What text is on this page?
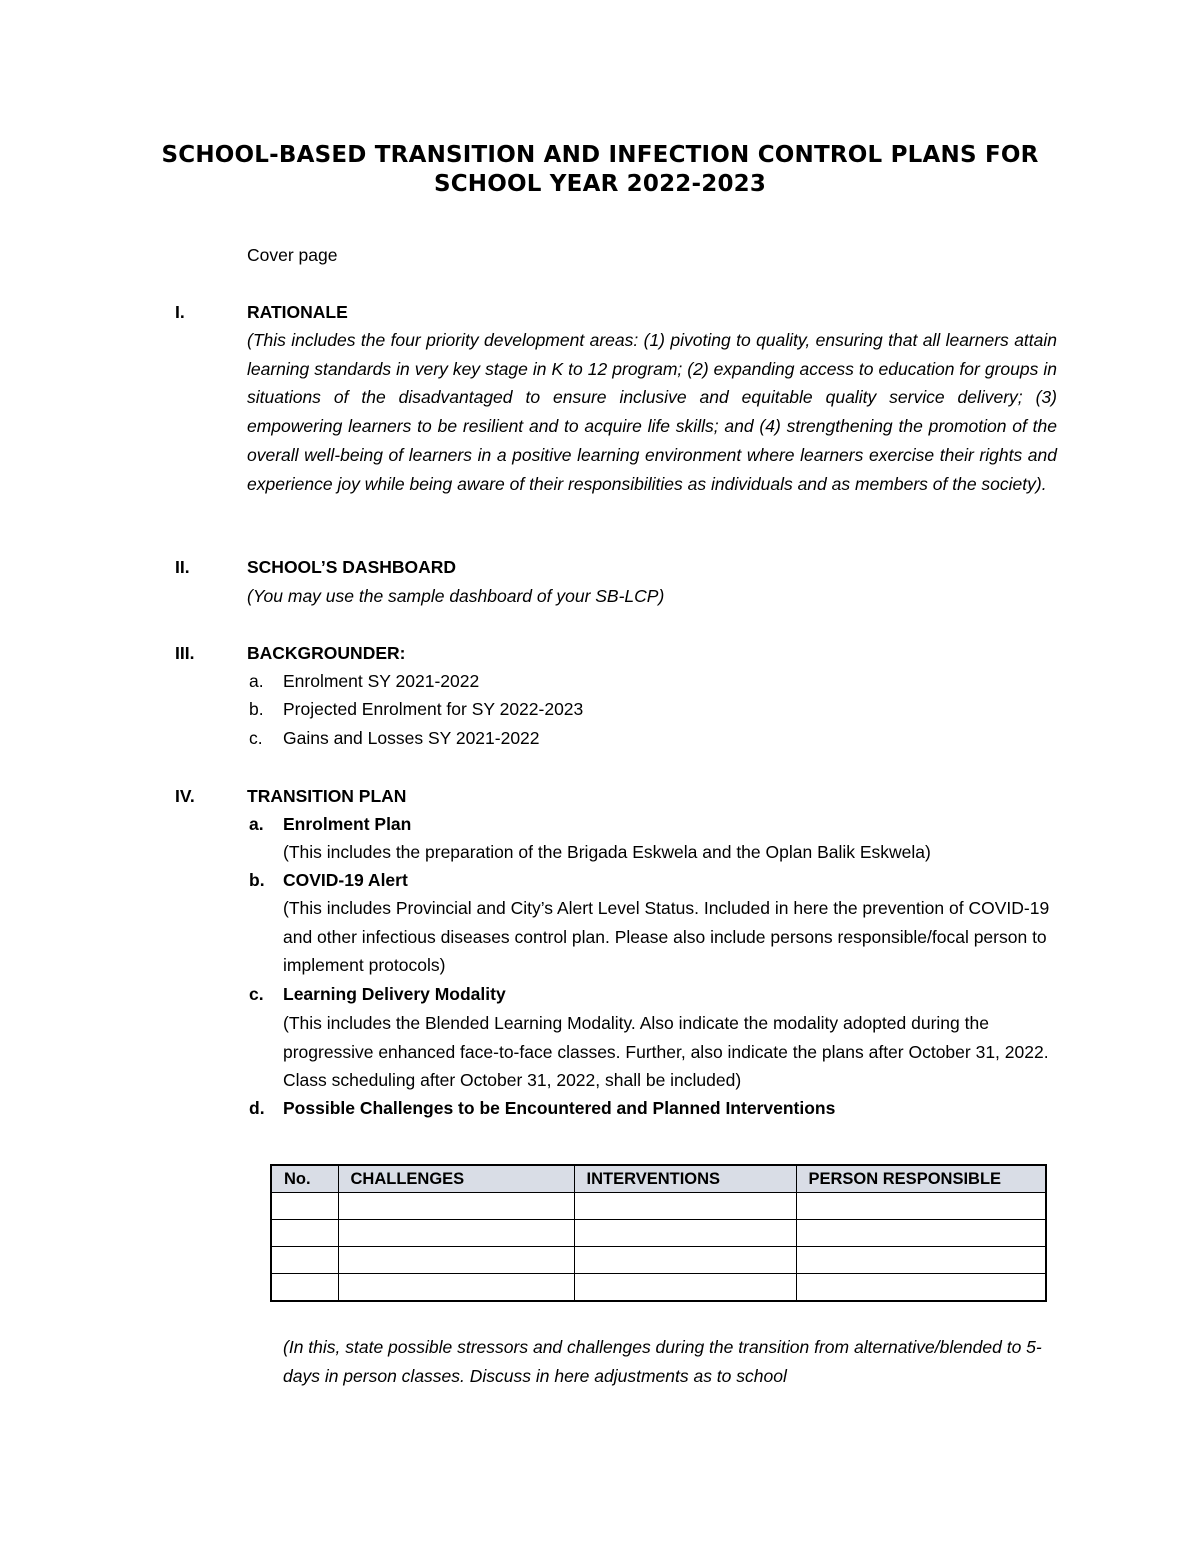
SCHOOL-BASED TRANSITION AND INFECTION CONTROL PLANS FOR
SCHOOL YEAR 2022-2023
Cover page
I.	RATIONALE

(This includes the four priority development areas: (1) pivoting to quality, ensuring that all learners attain learning standards in very key stage in K to 12 program; (2) expanding access to education for groups in situations of the disadvantaged to ensure inclusive and equitable quality service delivery; (3) empowering learners to be resilient and to acquire life skills; and (4) strengthening the promotion of the overall well-being of learners in a positive learning environment where learners exercise their rights and experience joy while being aware of their responsibilities as individuals and as members of the society).

II.	SCHOOL’S DASHBOARD

(You may use the sample dashboard of your SB-LCP)

III.	BACKGROUNDER:
a. Enrolment SY 2021-2022
b. Projected Enrolment for SY 2022-2023
c. Gains and Losses SY 2021-2022
IV.	TRANSITION PLAN
a. Enrolment Plan

(This includes the preparation of the Brigada Eskwela and the Oplan Balik Eskwela)

b. COVID-19 Alert

(This includes Provincial and City’s Alert Level Status. Included in here the prevention of COVID-19 and other infectious diseases control plan. Please also include persons responsible/focal person to implement protocols)

c. Learning Delivery Modality

(This includes the Blended Learning Modality. Also indicate the modality adopted during the progressive enhanced face-to-face classes. Further, also indicate the plans after October 31, 2022. Class scheduling after October 31, 2022, shall be included)

d. Possible Challenges to be Encountered and Planned Interventions
No.	CHALLENGES	INTERVENTIONS	PERSON RESPONSIBLE

(In this, state possible stressors and challenges during the transition from alternative/blended to 5-days in person classes. Discuss in here adjustments as to school
